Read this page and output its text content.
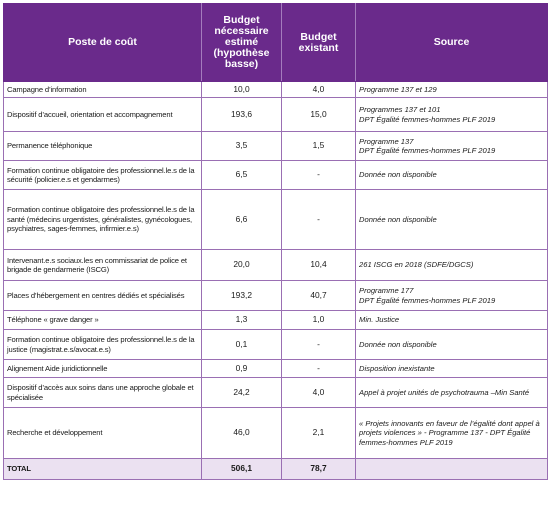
Poste de coût	Budget nécessaire estimé (hypothèse basse)	Budget existant	Source
Campagne d’information	10,0	4,0	Programme 137 et 129
Dispositif d’accueil, orientation et accompagnement	193,6	15,0	Programmes 137 et 101
DPT Égalité femmes-hommes PLF 2019
Permanence téléphonique	3,5	1,5	Programme 137
DPT Égalité femmes-hommes PLF 2019
Formation continue obligatoire des professionnel.le.s de la sécurité (policier.e.s et gendarmes)	6,5	-	Donnée non disponible
Formation continue obligatoire des professionnel.le.s de la santé (médecins urgentistes, généralistes, gynécologues, psychiatres, sages-femmes, infirmier.e.s)	6,6	-	Donnée non disponible
Intervenant.e.s sociaux.les en commissariat de police et brigade de gendarmerie (ISCG)	20,0	10,4	261 ISCG en 2018 (SDFE/DGCS)
Places d’hébergement en centres dédiés et spécialisés	193,2	40,7	Programme 177
DPT Égalité femmes-hommes PLF 2019
Téléphone « grave danger »	1,3	1,0	Min. Justice
Formation continue obligatoire des professionnel.le.s de la justice (magistrat.e.s/avocat.e.s)	0,1	-	Donnée non disponible
Alignement Aide juridictionnelle	0,9	-	Disposition inexistante
Dispositif d’accès aux soins dans une approche globale et spécialisée	24,2	4,0	Appel à projet unités de psychotrauma –Min Santé
Recherche et développement	46,0	2,1	« Projets innovants en faveur de l’égalité dont appel à projets violences » - Programme 137 - DPT Égalité femmes-hommes PLF 2019
TOTAL	506,1	78,7	
